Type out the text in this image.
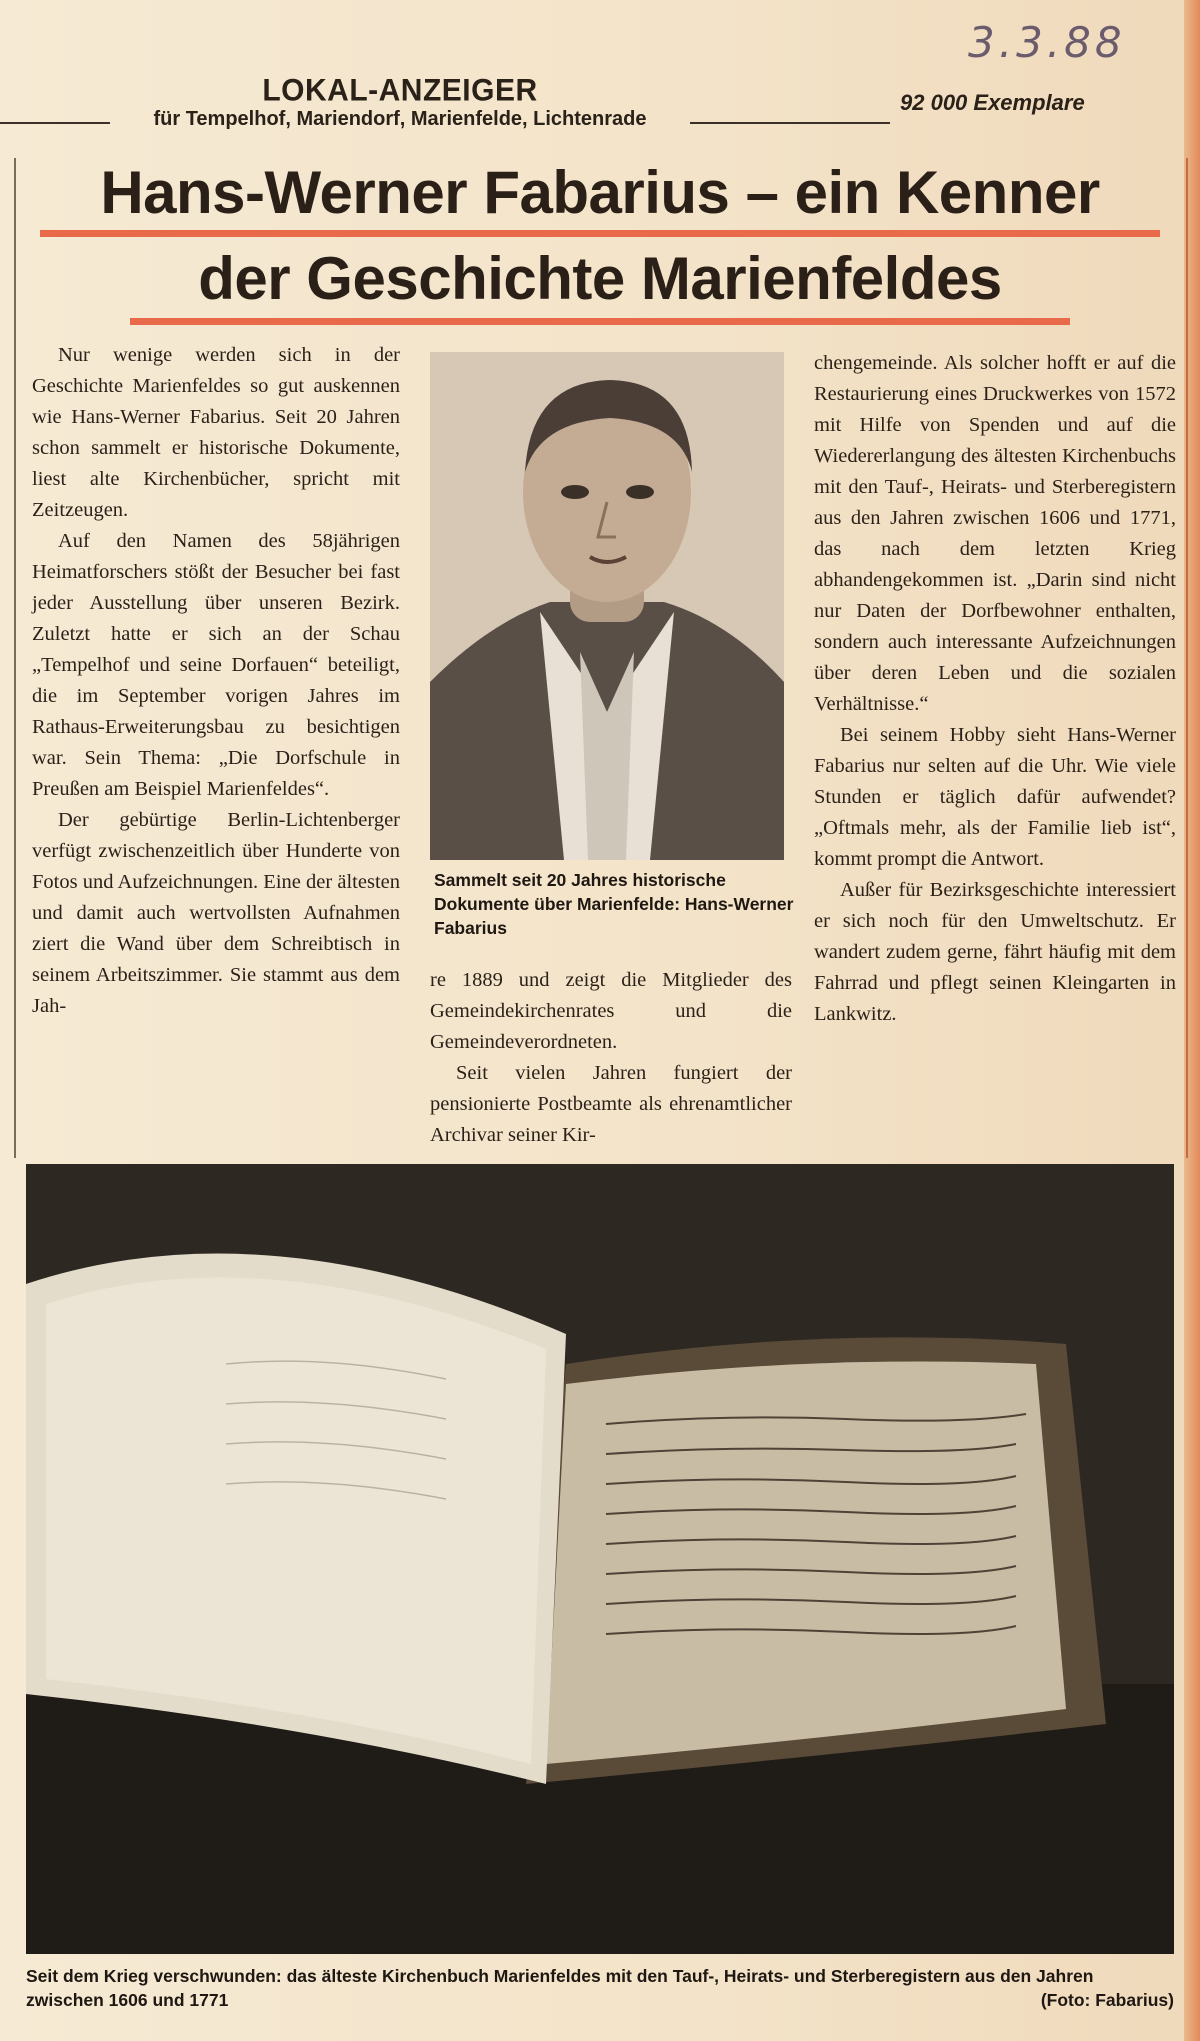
3.3.88
LOKAL-ANZEIGER
für Tempelhof, Mariendorf, Marienfelde, Lichtenrade
92 000 Exemplare
Hans-Werner Fabarius – ein Kenner
der Geschichte Marienfeldes

Nur wenige werden sich in der Geschichte Marienfeldes so gut auskennen wie Hans-Werner Fabarius. Seit 20 Jahren schon sammelt er historische Dokumente, liest alte Kirchenbücher, spricht mit Zeitzeugen.

Auf den Namen des 58jährigen Heimatforschers stößt der Besucher bei fast jeder Ausstellung über unseren Bezirk. Zuletzt hatte er sich an der Schau „Tempelhof und seine Dorfauen“ beteiligt, die im September vorigen Jahres im Rathaus-Erweiterungsbau zu besichtigen war. Sein Thema: „Die Dorfschule in Preußen am Beispiel Marienfeldes“.

Der gebürtige Berlin-Lichtenberger verfügt zwischenzeitlich über Hunderte von Fotos und Aufzeichnungen. Eine der ältesten und damit auch wertvollsten Aufnahmen ziert die Wand über dem Schreibtisch in seinem Arbeitszimmer. Sie stammt aus dem Jah-

Sammelt seit 20 Jahres historische Dokumente über Marienfelde: Hans-Werner Fabarius

re 1889 und zeigt die Mitglieder des Gemeindekirchenrates und die Gemeindeverordneten.

Seit vielen Jahren fungiert der pensionierte Postbeamte als ehrenamtlicher Archivar seiner Kir-

chengemeinde. Als solcher hofft er auf die Restaurierung eines Druckwerkes von 1572 mit Hilfe von Spenden und auf die Wiedererlangung des ältesten Kirchenbuchs mit den Tauf-, Heirats- und Sterberegistern aus den Jahren zwischen 1606 und 1771, das nach dem letzten Krieg abhandengekommen ist. „Darin sind nicht nur Daten der Dorfbewohner enthalten, sondern auch interessante Aufzeichnungen über deren Leben und die sozialen Verhältnisse.“

Bei seinem Hobby sieht Hans-Werner Fabarius nur selten auf die Uhr. Wie viele Stunden er täglich dafür aufwendet? „Oftmals mehr, als der Familie lieb ist“, kommt prompt die Antwort.

Außer für Bezirksgeschichte interessiert er sich noch für den Umweltschutz. Er wandert zudem gerne, fährt häufig mit dem Fahrrad und pflegt seinen Kleingarten in Lankwitz.

Seit dem Krieg verschwunden: das älteste Kirchenbuch Marienfeldes mit den Tauf-, Heirats- und Sterberegistern aus den Jahren zwischen 1606 und 1771	(Foto: Fabarius)
